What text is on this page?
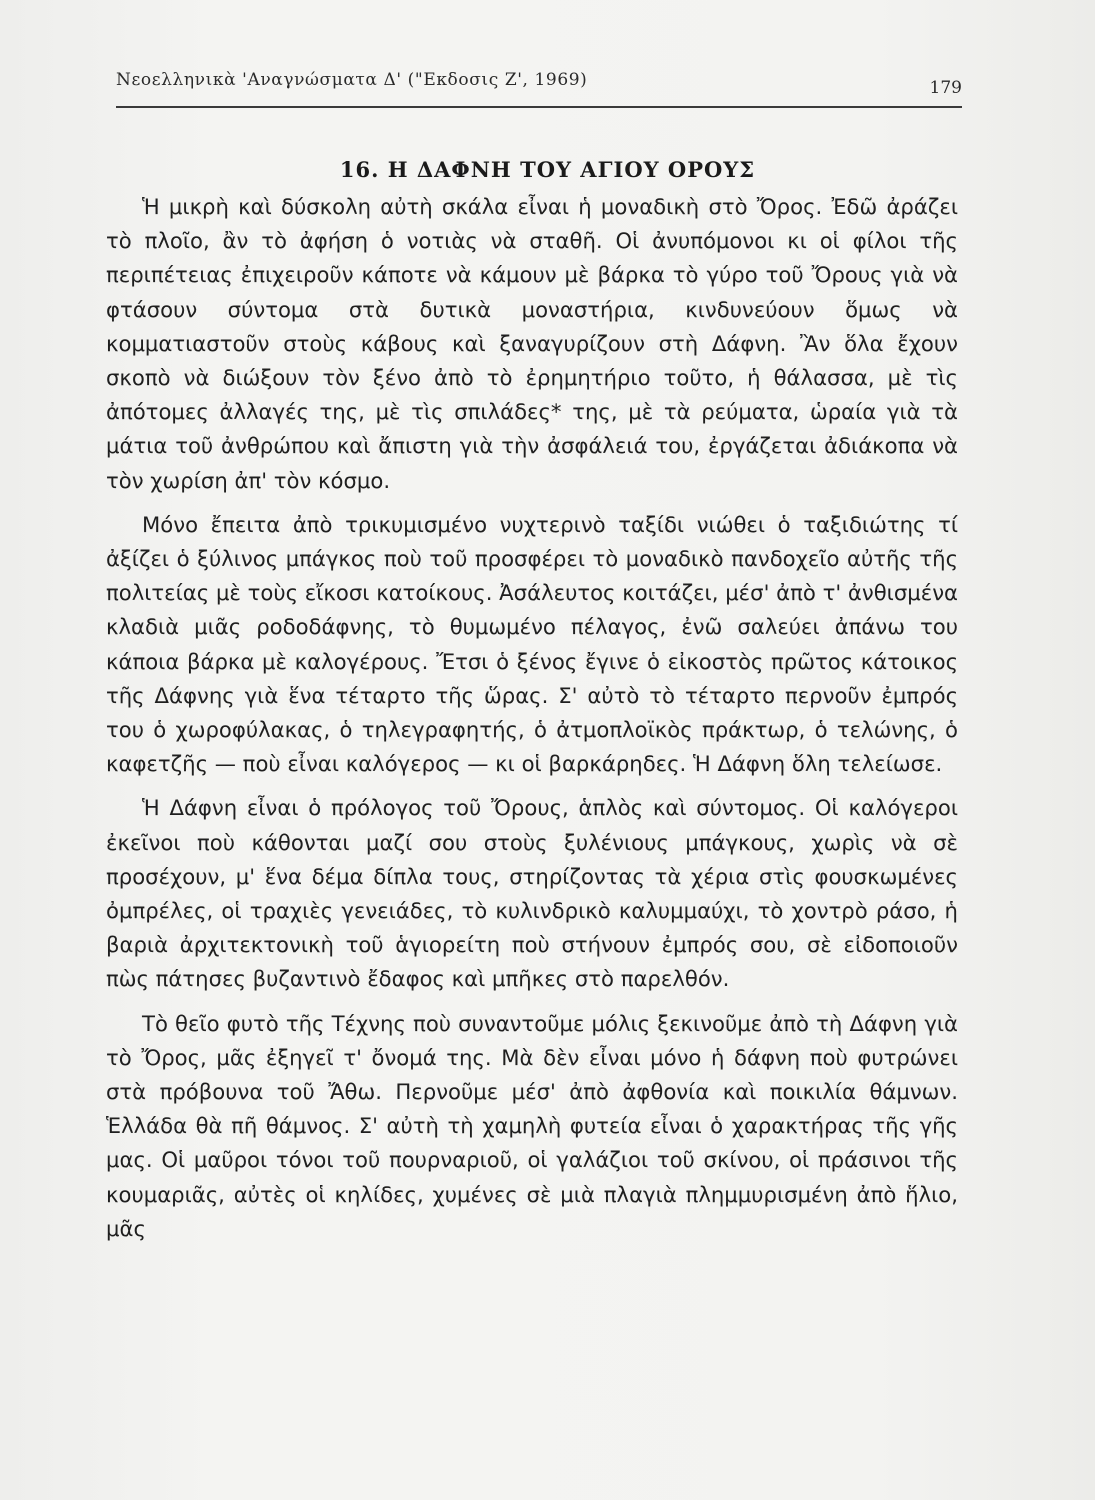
Νεοελληνικὰ 'Αναγνώσματα Δ' ("Εκδοσις Ζ', 1969)	179
16. Η ΔΑΦΝΗ ΤΟΥ ΑΓΙΟΥ ΟΡΟΥΣ

Ἡ μικρὴ καὶ δύσκολη αὐτὴ σκάλα εἶναι ἡ μοναδικὴ στὸ Ὄρος. Ἐδῶ ἀράζει τὸ πλοῖο, ἂν τὸ ἀφήση ὁ νοτιὰς νὰ σταθῆ. Οἱ ἀνυπόμονοι κι οἱ φίλοι τῆς περιπέτειας ἐπιχειροῦν κάποτε νὰ κάμουν μὲ βάρκα τὸ γύρο τοῦ Ὄρους γιὰ νὰ φτάσουν σύντομα στὰ δυτικὰ μοναστήρια, κινδυνεύουν ὅμως νὰ κομματιαστοῦν στοὺς κάβους καὶ ξαναγυρίζουν στὴ Δάφνη. Ἂν ὅλα ἔχουν σκοπὸ νὰ διώξουν τὸν ξένο ἀπὸ τὸ ἐρημητήριο τοῦτο, ἡ θάλασσα, μὲ τὶς ἀπότομες ἀλλαγές της, μὲ τὶς σπιλάδες* της, μὲ τὰ ρεύματα, ὡραία γιὰ τὰ μάτια τοῦ ἀνθρώπου καὶ ἄπιστη γιὰ τὴν ἀσφάλειά του, ἐργάζεται ἀδιάκοπα νὰ τὸν χωρίση ἀπ' τὸν κόσμο.

Μόνο ἔπειτα ἀπὸ τρικυμισμένο νυχτερινὸ ταξίδι νιώθει ὁ ταξιδιώτης τί ἀξίζει ὁ ξύλινος μπάγκος ποὺ τοῦ προσφέρει τὸ μοναδικὸ πανδοχεῖο αὐτῆς τῆς πολιτείας μὲ τοὺς εἴκοσι κατοίκους. Ἀσάλευτος κοιτάζει, μέσ' ἀπὸ τ' ἀνθισμένα κλαδιὰ μιᾶς ροδοδάφνης, τὸ θυμωμένο πέλαγος, ἐνῶ σαλεύει ἀπάνω του κάποια βάρκα μὲ καλογέρους. Ἔτσι ὁ ξένος ἔγινε ὁ εἰκοστὸς πρῶτος κάτοικος τῆς Δάφνης γιὰ ἕνα τέταρτο τῆς ὥρας. Σ' αὐτὸ τὸ τέταρτο περνοῦν ἐμπρός του ὁ χωροφύλακας, ὁ τηλεγραφητής, ὁ ἀτμοπλοϊκὸς πράκτωρ, ὁ τελώνης, ὁ καφετζῆς — ποὺ εἶναι καλόγερος — κι οἱ βαρκάρηδες. Ἡ Δάφνη ὅλη τελείωσε.

Ἡ Δάφνη εἶναι ὁ πρόλογος τοῦ Ὄρους, ἁπλὸς καὶ σύντομος. Οἱ καλόγεροι ἐκεῖνοι ποὺ κάθονται μαζί σου στοὺς ξυλένιους μπάγκους, χωρὶς νὰ σὲ προσέχουν, μ' ἕνα δέμα δίπλα τους, στηρίζοντας τὰ χέρια στὶς φουσκωμένες ὀμπρέλες, οἱ τραχιὲς γενειάδες, τὸ κυλινδρικὸ καλυμμαύχι, τὸ χοντρὸ ράσο, ἡ βαριὰ ἀρχιτεκτονικὴ τοῦ ἁγιορείτη ποὺ στήνουν ἐμπρός σου, σὲ εἰδοποιοῦν πὼς πάτησες βυζαντινὸ ἔδαφος καὶ μπῆκες στὸ παρελθόν.

Τὸ θεῖο φυτὸ τῆς Τέχνης ποὺ συναντοῦμε μόλις ξεκινοῦμε ἀπὸ τὴ Δάφνη γιὰ τὸ Ὄρος, μᾶς ἐξηγεῖ τ' ὄνομά της. Μὰ δὲν εἶναι μόνο ἡ δάφνη ποὺ φυτρώνει στὰ πρόβουνα τοῦ Ἄθω. Περνοῦμε μέσ' ἀπὸ ἀφθονία καὶ ποικιλία θάμνων. Ἑλλάδα θὰ πῆ θάμνος. Σ' αὐτὴ τὴ χαμηλὴ φυτεία εἶναι ὁ χαρακτήρας τῆς γῆς μας. Οἱ μαῦροι τόνοι τοῦ πουρναριοῦ, οἱ γαλάζιοι τοῦ σκίνου, οἱ πράσινοι τῆς κουμαριᾶς, αὐτὲς οἱ κηλίδες, χυμένες σὲ μιὰ πλαγιὰ πλημμυρισμένη ἀπὸ ἥλιο, μᾶς
